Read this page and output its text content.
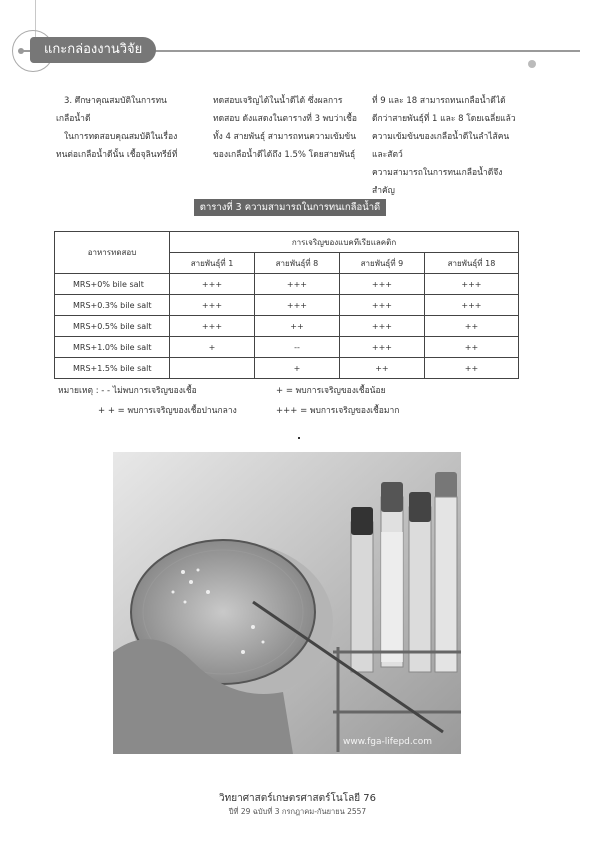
แกะกล่องงานวิจัย

3. ศึกษาคุณสมบัติในการทน

เกลือน้ำดี

ในการทดสอบคุณสมบัติในเรื่อง

ทนต่อเกลือน้ำดีนั้น เชื้อจุลินทรีย์ที่

ทดสอบเจริญได้ในน้ำดีได้ ซึ่งผลการ

ทดสอบ ดังแสดงในตารางที่ 3 พบว่าเชื้อ

ทั้ง 4 สายพันธุ์ สามารถทนความเข้มข้น

ของเกลือน้ำดีได้ถึง 1.5% โดยสายพันธุ์

ที่ 9 และ 18 สามารถทนเกลือน้ำดีได้

ดีกว่าสายพันธุ์ที่ 1 และ 8 โดยเฉลี่ยแล้ว

ความเข้มข้นของเกลือน้ำดีในลำไส้คนและสัตว์

ความสามารถในการทนเกลือน้ำดีจึงสำคัญ

ตารางที่ 3 ความสามารถในการทนเกลือน้ำดี
อาหารทดสอบ	การเจริญของแบคทีเรียแลคติก			
	สายพันธุ์ที่ 1	สายพันธุ์ที่ 8	สายพันธุ์ที่ 9	สายพันธุ์ที่ 18
MRS+0% bile salt	+++	+++	+++	+++
MRS+0.3% bile salt	+++	+++	+++	+++
MRS+0.5% bile salt	+++	++	+++	++
MRS+1.0% bile salt	+	--	+++	++
MRS+1.5% bile salt		+	++	++
หมายเหตุ : - - ไม่พบการเจริญของเชื้อ	+ = พบการเจริญของเชื้อน้อย
+ + = พบการเจริญของเชื้อปานกลาง	+++ = พบการเจริญของเชื้อมาก
www.fga-lifepd.com
วิทยาศาสตร์เกษตรศาสตร์โนโลยี 76
ปีที่ 29 ฉบับที่ 3 กรกฎาคม-กันยายน 2557
